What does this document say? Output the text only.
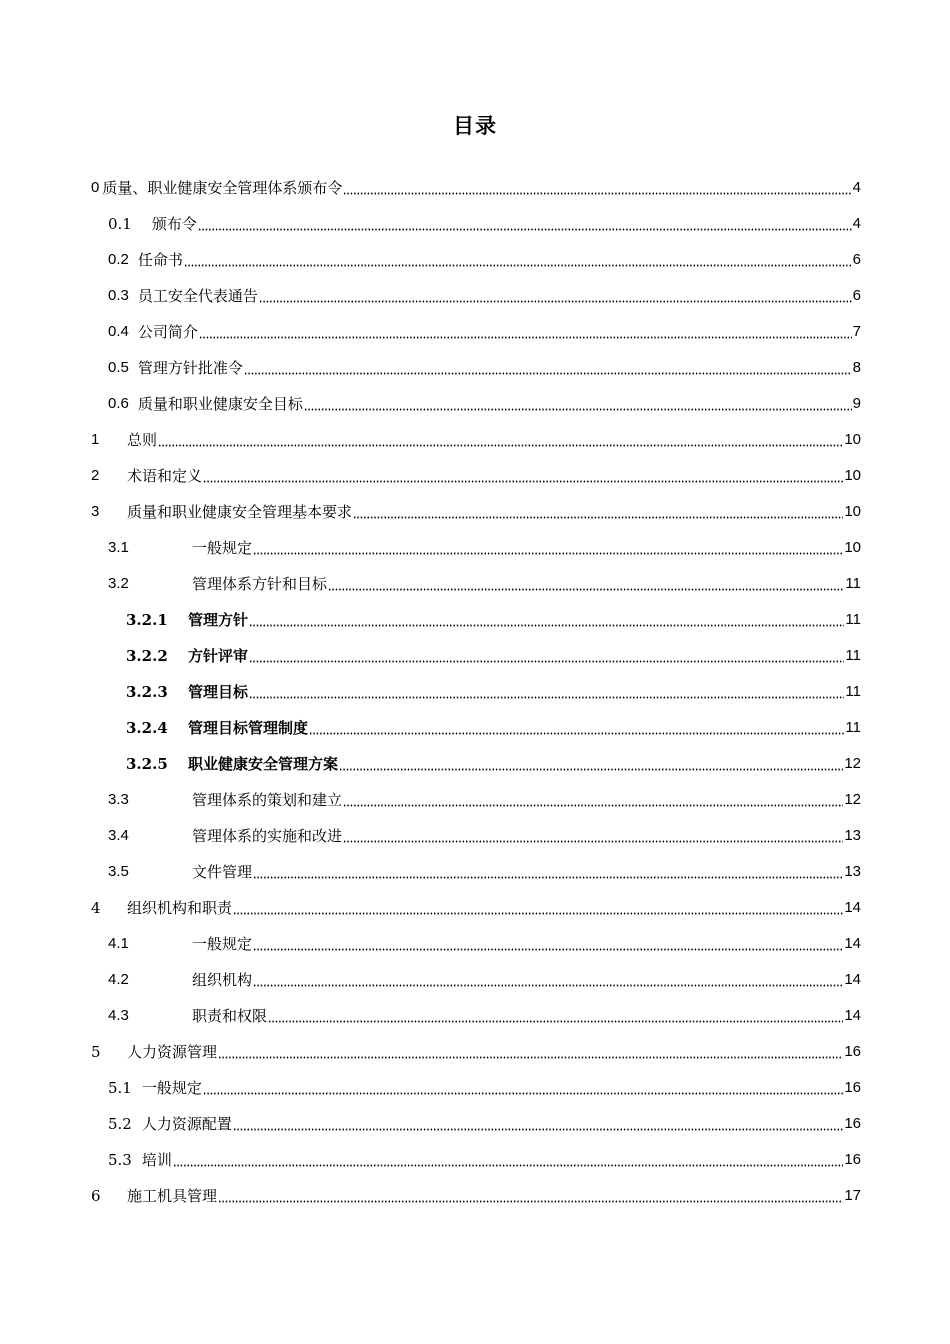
目录
0 质量、职业健康安全管理体系颁布令	4
0.1 颁布令	4
0.2 任命书	6
0.3 员工安全代表通告	6
0.4 公司简介	7
0.5 管理方针批准令	8
0.6 质量和职业健康安全目标	9
1	总则	10
2	术语和定义	10
3	质量和职业健康安全管理基本要求	10
3.1	一般规定	10
3.2	管理体系方针和目标	11
3.2.1	管理方针	11
3.2.2	方针评审	11
3.2.3	管理目标	11
3.2.4	管理目标管理制度	11
3.2.5	职业健康安全管理方案	12
3.3	管理体系的策划和建立	12
3.4	管理体系的实施和改进	13
3.5	文件管理	13
4	组织机构和职责	14
4.1	一般规定	14
4.2	组织机构	14
4.3	职责和权限	14
5	人力资源管理	16
5.1 一般规定	16
5.2 人力资源配置	16
5.3 培训	16
6	施工机具管理	17
